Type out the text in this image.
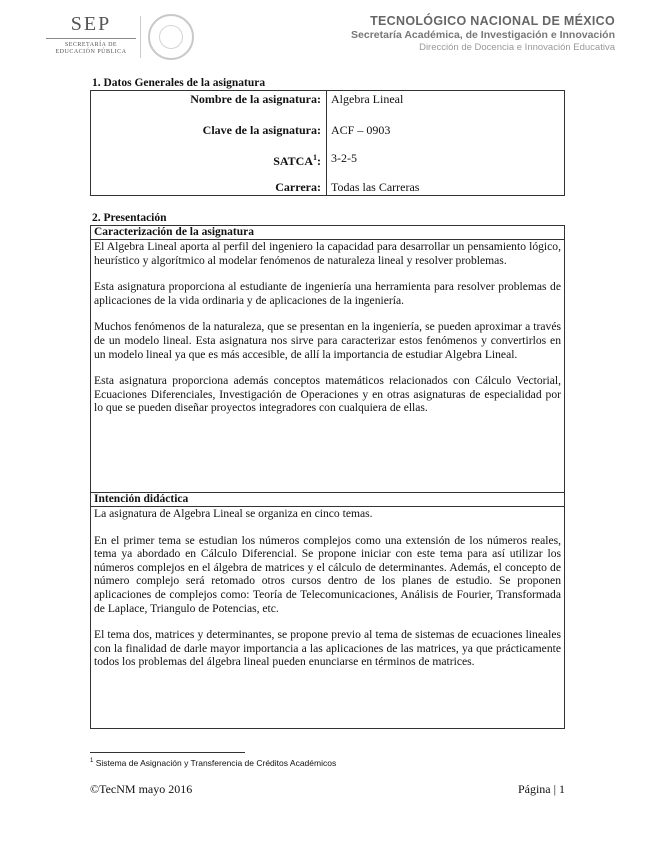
SEP
SECRETARÍA DE
EDUCACIÓN PÚBLICA
TECNOLÓGICO NACIONAL DE MÉXICO
Secretaría Académica, de Investigación e Innovación
Dirección de Docencia e Innovación Educativa
1. Datos Generales de la asignatura
Nombre de la asignatura: Algebra Lineal
Clave de la asignatura: ACF – 0903
SATCA$^1$: 3-2-5
Carrera: Todas las Carreras
2. Presentación
Caracterización de la asignatura

El Algebra Lineal aporta al perfil del ingeniero la capacidad para desarrollar un pensamiento lógico, heurístico y algorítmico al modelar fenómenos de naturaleza lineal y resolver problemas.

Esta asignatura proporciona al estudiante de ingeniería una herramienta para resolver problemas de aplicaciones de la vida ordinaria y de aplicaciones de la ingeniería.

Muchos fenómenos de la naturaleza, que se presentan en la ingeniería, se pueden aproximar a través de un modelo lineal. Esta asignatura nos sirve para caracterizar estos fenómenos y convertirlos en un modelo lineal ya que es más accesible, de allí la importancia de estudiar Algebra Lineal.

Esta asignatura proporciona además conceptos matemáticos relacionados con Cálculo Vectorial, Ecuaciones Diferenciales, Investigación de Operaciones y en otras asignaturas de especialidad por lo que se pueden diseñar proyectos integradores con cualquiera de ellas.

Intención didáctica

La asignatura de Algebra Lineal se organiza en cinco temas.

En el primer tema se estudian los números complejos como una extensión de los números reales, tema ya abordado en Cálculo Diferencial. Se propone iniciar con este tema para así utilizar los números complejos en el álgebra de matrices y el cálculo de determinantes. Además, el concepto de número complejo será retomado otros cursos dentro de los planes de estudio. Se proponen aplicaciones de complejos como: Teoría de Telecomunicaciones, Análisis de Fourier, Transformada de Laplace, Triangulo de Potencias, etc.

El tema dos, matrices y determinantes, se propone previo al tema de sistemas de ecuaciones lineales con la finalidad de darle mayor importancia a las aplicaciones de las matrices, ya que prácticamente todos los problemas del álgebra lineal pueden enunciarse en términos de matrices.

$^1$ Sistema de Asignación y Transferencia de Créditos Académicos
©TecNM mayo 2016	Página | 1
